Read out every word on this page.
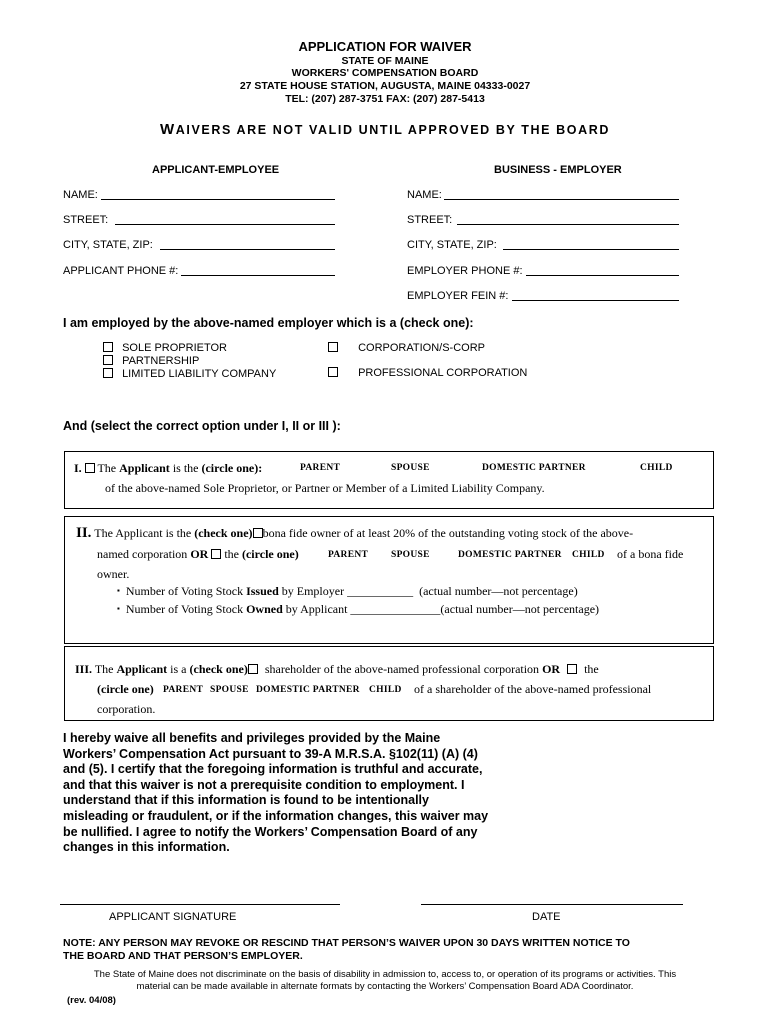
APPLICATION FOR WAIVER
STATE OF MAINE
WORKERS' COMPENSATION BOARD
27 STATE HOUSE STATION, AUGUSTA, MAINE 04333-0027
TEL: (207) 287-3751 FAX: (207) 287-5413
WAIVERS ARE NOT VALID UNTIL APPROVED BY THE BOARD
APPLICANT-EMPLOYEE	BUSINESS - EMPLOYER
NAME:
STREET:
CITY, STATE, ZIP:
APPLICANT PHONE #:
NAME:
STREET:
CITY, STATE, ZIP:
EMPLOYER PHONE #:
EMPLOYER FEIN #:
I am employed by the above-named employer which is a (check one):
SOLE PROPRIETOR
PARTNERSHIP
LIMITED LIABILITY COMPANY
CORPORATION/S-CORP
PROFESSIONAL CORPORATION
And (select the correct option under I, II or III ):
I. The Applicant is the (circle one):	PARENT	SPOUSE	DOMESTIC PARTNER	CHILD
of the above-named Sole Proprietor, or Partner or Member of a Limited Liability Company.
II. The Applicant is the (check one) bona fide owner of at least 20% of the outstanding voting stock of the above-
named corporation OR the (circle one)	PARENT SPOUSE	DOMESTIC PARTNER CHILD of a bona fide
owner.
▪ Number of Voting Stock Issued by Employer ___________ (actual number—not percentage)
▪ Number of Voting Stock Owned by Applicant _______________(actual number—not percentage)
III. The Applicant is a (check one) shareholder of the above-named professional corporation OR the
(circle one) PARENT SPOUSE DOMESTIC PARTNER CHILD of a shareholder of the above-named professional
corporation.
I hereby waive all benefits and privileges provided by the Maine
Workers’ Compensation Act pursuant to 39-A M.R.S.A. §102(11) (A) (4)
and (5). I certify that the foregoing information is truthful and accurate,
and that this waiver is not a prerequisite condition to employment. I
understand that if this information is found to be intentionally
misleading or fraudulent, or if the information changes, this waiver may
be nullified. I agree to notify the Workers’ Compensation Board of any
changes in this information.
APPLICANT SIGNATURE	DATE
NOTE: ANY PERSON MAY REVOKE OR RESCIND THAT PERSON’S WAIVER UPON 30 DAYS WRITTEN NOTICE TO
THE BOARD AND THAT PERSON’S EMPLOYER.
The State of Maine does not discriminate on the basis of disability in admission to, access to, or operation of its programs or activities. This
material can be made available in alternate formats by contacting the Workers’ Compensation Board ADA Coordinator.
(rev. 04/08)
